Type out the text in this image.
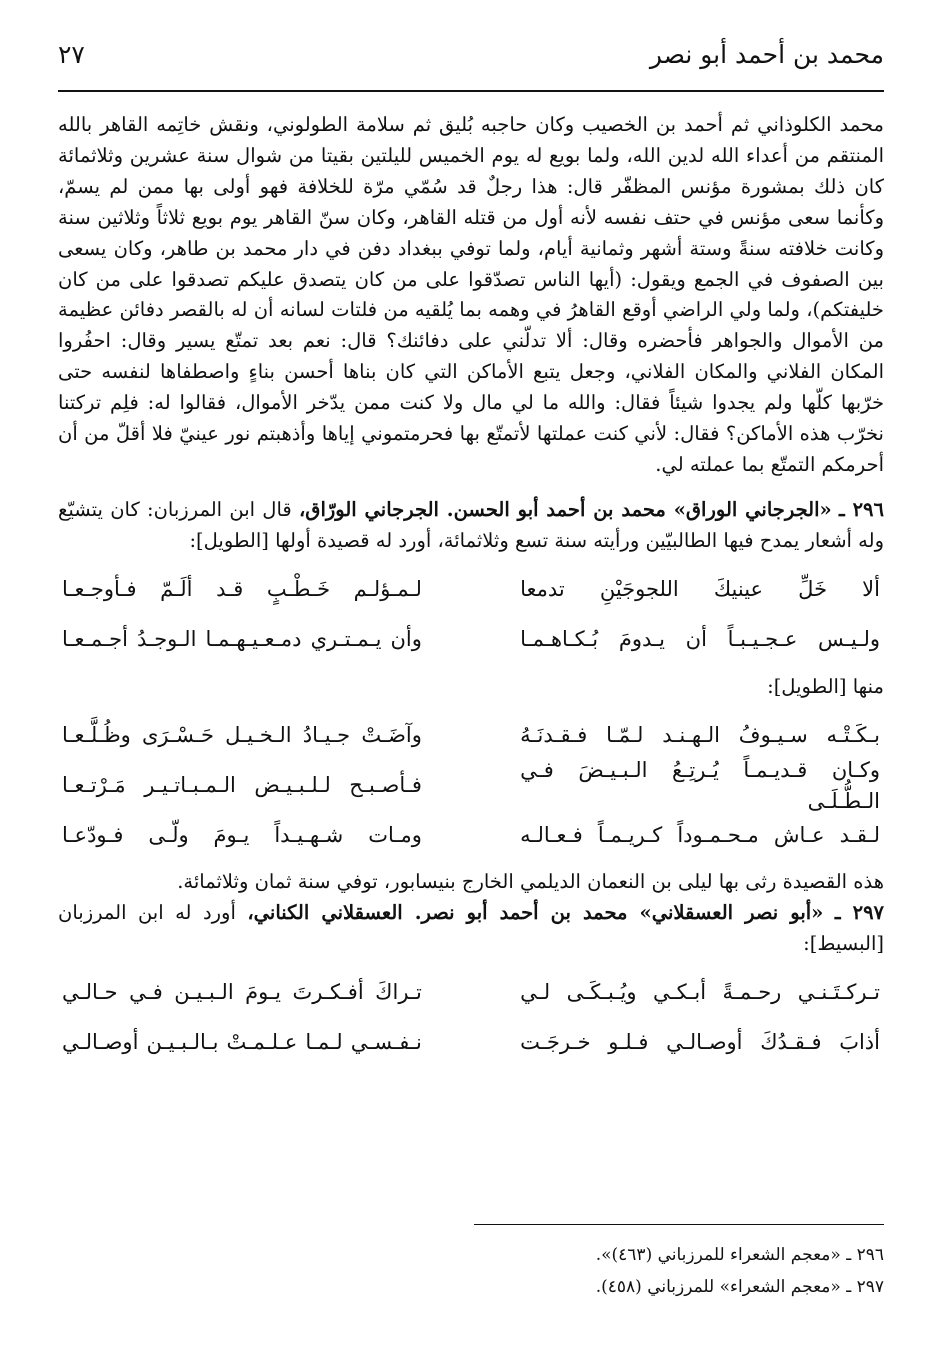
محمد بن أحمد أبو نصر
٢٧

محمد الكلوذاني ثم أحمد بن الخصيب وكان حاجبه بُليق ثم سلامة الطولوني، ونقش خاتِمه القاهر بالله المنتقم من أعداء الله لدين الله، ولما بويع له يوم الخميس لليلتين بقيتا من شوال سنة عشرين وثلاثمائة كان ذلك بمشورة مؤنس المظفّر قال: هذا رجلٌ قد سُمّي مرّة للخلافة فهو أولى بها ممن لم يسمّ، وكأنما سعى مؤنس في حتف نفسه لأنه أول من قتله القاهر، وكان سنّ القاهر يوم بويع ثلاثاً وثلاثين سنة وكانت خلافته سنةً وستة أشهر وثمانية أيام، ولما توفي ببغداد دفن في دار محمد بن طاهر، وكان يسعى بين الصفوف في الجمع ويقول: (أيها الناس تصدّقوا على من كان يتصدق عليكم تصدقوا على من كان خليفتكم)، ولما ولي الراضي أوقع القاهرُ في وهمه بما يُلقيه من فلتات لسانه أن له بالقصر دفائن عظيمة من الأموال والجواهر فأحضره وقال: ألا تدلّني على دفائنك؟ قال: نعم بعد تمتّع يسير وقال: احفُروا المكان الفلاني والمكان الفلاني، وجعل يتبع الأماكن التي كان بناها أحسن بناءٍ واصطفاها لنفسه حتى خرّبها كلّها ولم يجدوا شيئاً فقال: والله ما لي مال ولا كنت ممن يدّخر الأموال، فقالوا له: فلِم تركتنا نخرّب هذه الأماكن؟ فقال: لأني كنت عملتها لأتمتّع بها فحرمتموني إياها وأذهبتم نور عينيّ فلا أقلّ من أن أحرمكم التمتّع بما عملته لي.

٢٩٦ ـ «الجرجاني الوراق» محمد بن أحمد أبو الحسن. الجرجاني الورّاق، قال ابن المرزبان: كان يتشيّع وله أشعار يمدح فيها الطالبيّين ورأيته سنة تسع وثلاثمائة، أورد له قصيدة أولها [الطويل]:

ألا خَلِّ عينيكَ اللجوجَيْنِ تدمعا
لـمـؤلـم خَـطْـبٍ قـد ألَـمّ فـأوجـعـا
ولـيـس عـجـيـبـاً أن يـدومَ بُـكـاهـمـا
وأن يـمـتـري دمـعـيـهـمـا الـوجـدُ أجـمـعـا
منها [الطويل]:
بـكَـتْـه سـيـوفُ الـهـنـد لـمّـا فـقـدنَـهُ
وآضَـتْ جـيـادُ الـخـيـل حَـسْـرَى وظُـلَّـعـا
وكـان قـديـمـاً يُـرتِـعُ الـبـيـضَ فـي الـطُّـلَـى
فـأصـبـح لـلـبـيـض الـمـبـاتـيـر مَـرْتـعـا
لـقـد عـاش مـحـمـوداً كـريـمـاً فـعـالـه
ومـات شـهـيـداً يـومَ ولّـى فـودّعـا

هذه القصيدة رثى بها ليلى بن النعمان الديلمي الخارج بنيسابور، توفي سنة ثمان وثلاثمائة.

٢٩٧ ـ «أبو نصر العسقلاني» محمد بن أحمد أبو نصر. العسقلاني الكناني، أورد له ابن المرزبان [البسيط]:

تـركـتَـنـي رحـمـةً أبـكـي ويُـبـكَـى لـي
تـراكَ أفـكـرتَ يـومَ الـبـيـن فـي حـالـي
أذابَ فـقـدُكَ أوصـالـي فـلـو خـرجَـت
نـفـسـي لـمـا عـلـمـتْ بـالـبـيـن أوصـالـي

٢٩٦ ـ «معجم الشعراء للمرزباني (٤٦٣)».

٢٩٧ ـ «معجم الشعراء» للمرزباني (٤٥٨).
